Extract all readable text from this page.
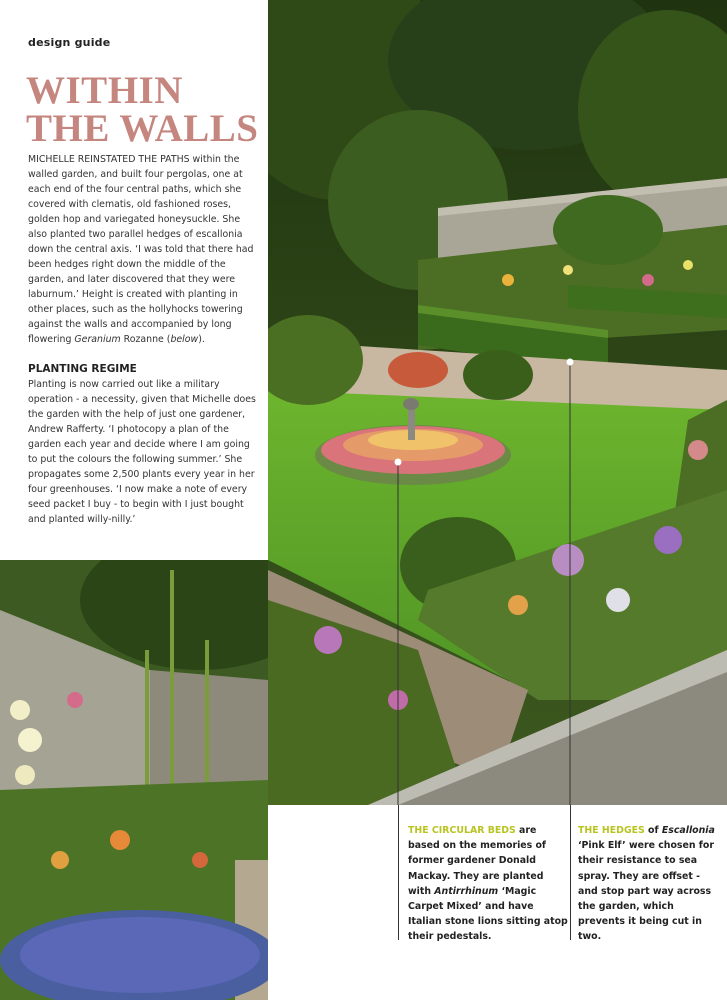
design guide
WITHIN
THE WALLS

MICHELLE REINSTATED THE PATHS within the walled garden, and built four pergolas, one at each end of the four central paths, which she covered with clematis, old fashioned roses, golden hop and variegated honeysuckle. She also planted two parallel hedges of escallonia down the central axis. ‘I was told that there had been hedges right down the middle of the garden, and later discovered that they were laburnum.’ Height is created with planting in other places, such as the hollyhocks towering against the walls and accompanied by long flowering Geranium Rozanne (below).

PLANTING REGIME

Planting is now carried out like a military operation - a necessity, given that Michelle does the garden with the help of just one gardener, Andrew Rafferty. ‘I photocopy a plan of the garden each year and decide where I am going to put the colours the following summer.’ She propagates some 2,500 plants every year in her four greenhouses. ‘I now make a note of every seed packet I buy - to begin with I just bought and planted willy-nilly.’

THE CIRCULAR BEDS are based on the memories of former gardener Donald Mackay. They are planted with Antirrhinum ‘Magic Carpet Mixed’ and have Italian stone lions sitting atop their pedestals.

THE HEDGES of Escallonia ‘Pink Elf’ were chosen for their resistance to sea spray. They are offset - and stop part way across the garden, which prevents it being cut in two.
